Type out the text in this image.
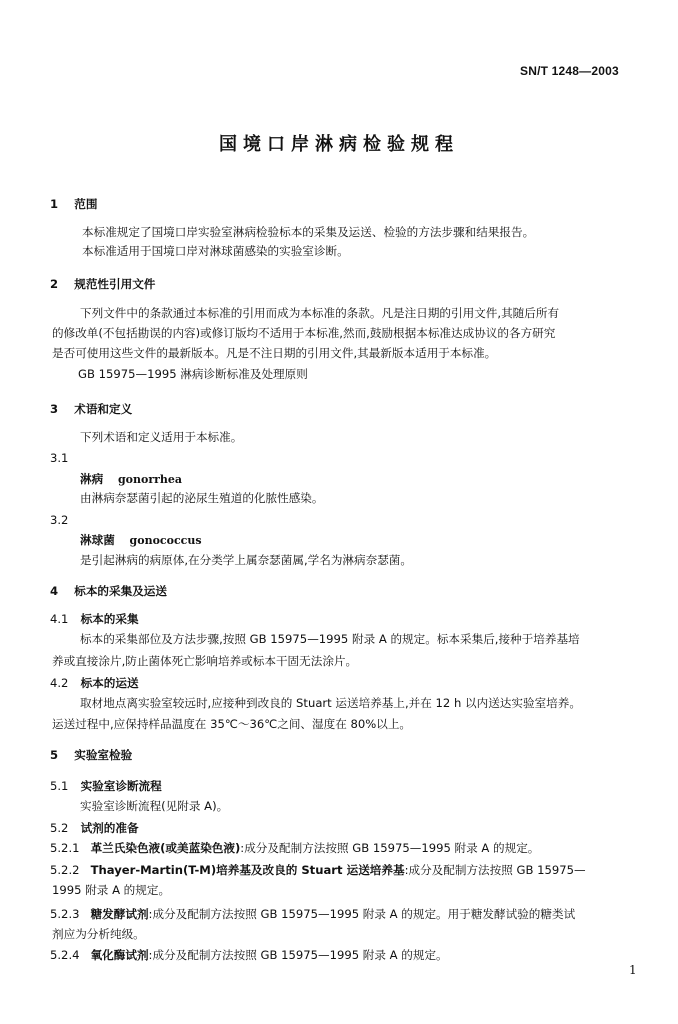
SN/T 1248—2003
国境口岸淋病检验规程
1 范围
本标准规定了国境口岸实验室淋病检验标本的采集及运送、检验的方法步骤和结果报告。
本标准适用于国境口岸对淋球菌感染的实验室诊断。
2 规范性引用文件
下列文件中的条款通过本标准的引用而成为本标准的条款。凡是注日期的引用文件,其随后所有
的修改单(不包括勘误的内容)或修订版均不适用于本标准,然而,鼓励根据本标准达成协议的各方研究
是否可使用这些文件的最新版本。凡是不注日期的引用文件,其最新版本适用于本标准。
GB 15975—1995 淋病诊断标准及处理原则
3 术语和定义
下列术语和定义适用于本标准。
3.1
淋病 gonorrhea
由淋病奈瑟菌引起的泌尿生殖道的化脓性感染。
3.2
淋球菌 gonococcus
是引起淋病的病原体,在分类学上属奈瑟菌属,学名为淋病奈瑟菌。
4 标本的采集及运送
4.1 标本的采集
标本的采集部位及方法步骤,按照 GB 15975—1995 附录 A 的规定。标本采集后,接种于培养基培
养或直接涂片,防止菌体死亡影响培养或标本干固无法涂片。
4.2 标本的运送
取材地点离实验室较远时,应接种到改良的 Stuart 运送培养基上,并在 12 h 以内送达实验室培养。
运送过程中,应保持样品温度在 35℃～36℃之间、湿度在 80%以上。
5 实验室检验
5.1 实验室诊断流程
实验室诊断流程(见附录 A)。
5.2 试剂的准备
5.2.1 革兰氏染色液(或美蓝染色液):成分及配制方法按照 GB 15975—1995 附录 A 的规定。
5.2.2 Thayer-Martin(T-M)培养基及改良的 Stuart 运送培养基:成分及配制方法按照 GB 15975—
1995 附录 A 的规定。
5.2.3 糖发酵试剂:成分及配制方法按照 GB 15975—1995 附录 A 的规定。用于糖发酵试验的糖类试
剂应为分析纯级。
5.2.4 氧化酶试剂:成分及配制方法按照 GB 15975—1995 附录 A 的规定。
1
